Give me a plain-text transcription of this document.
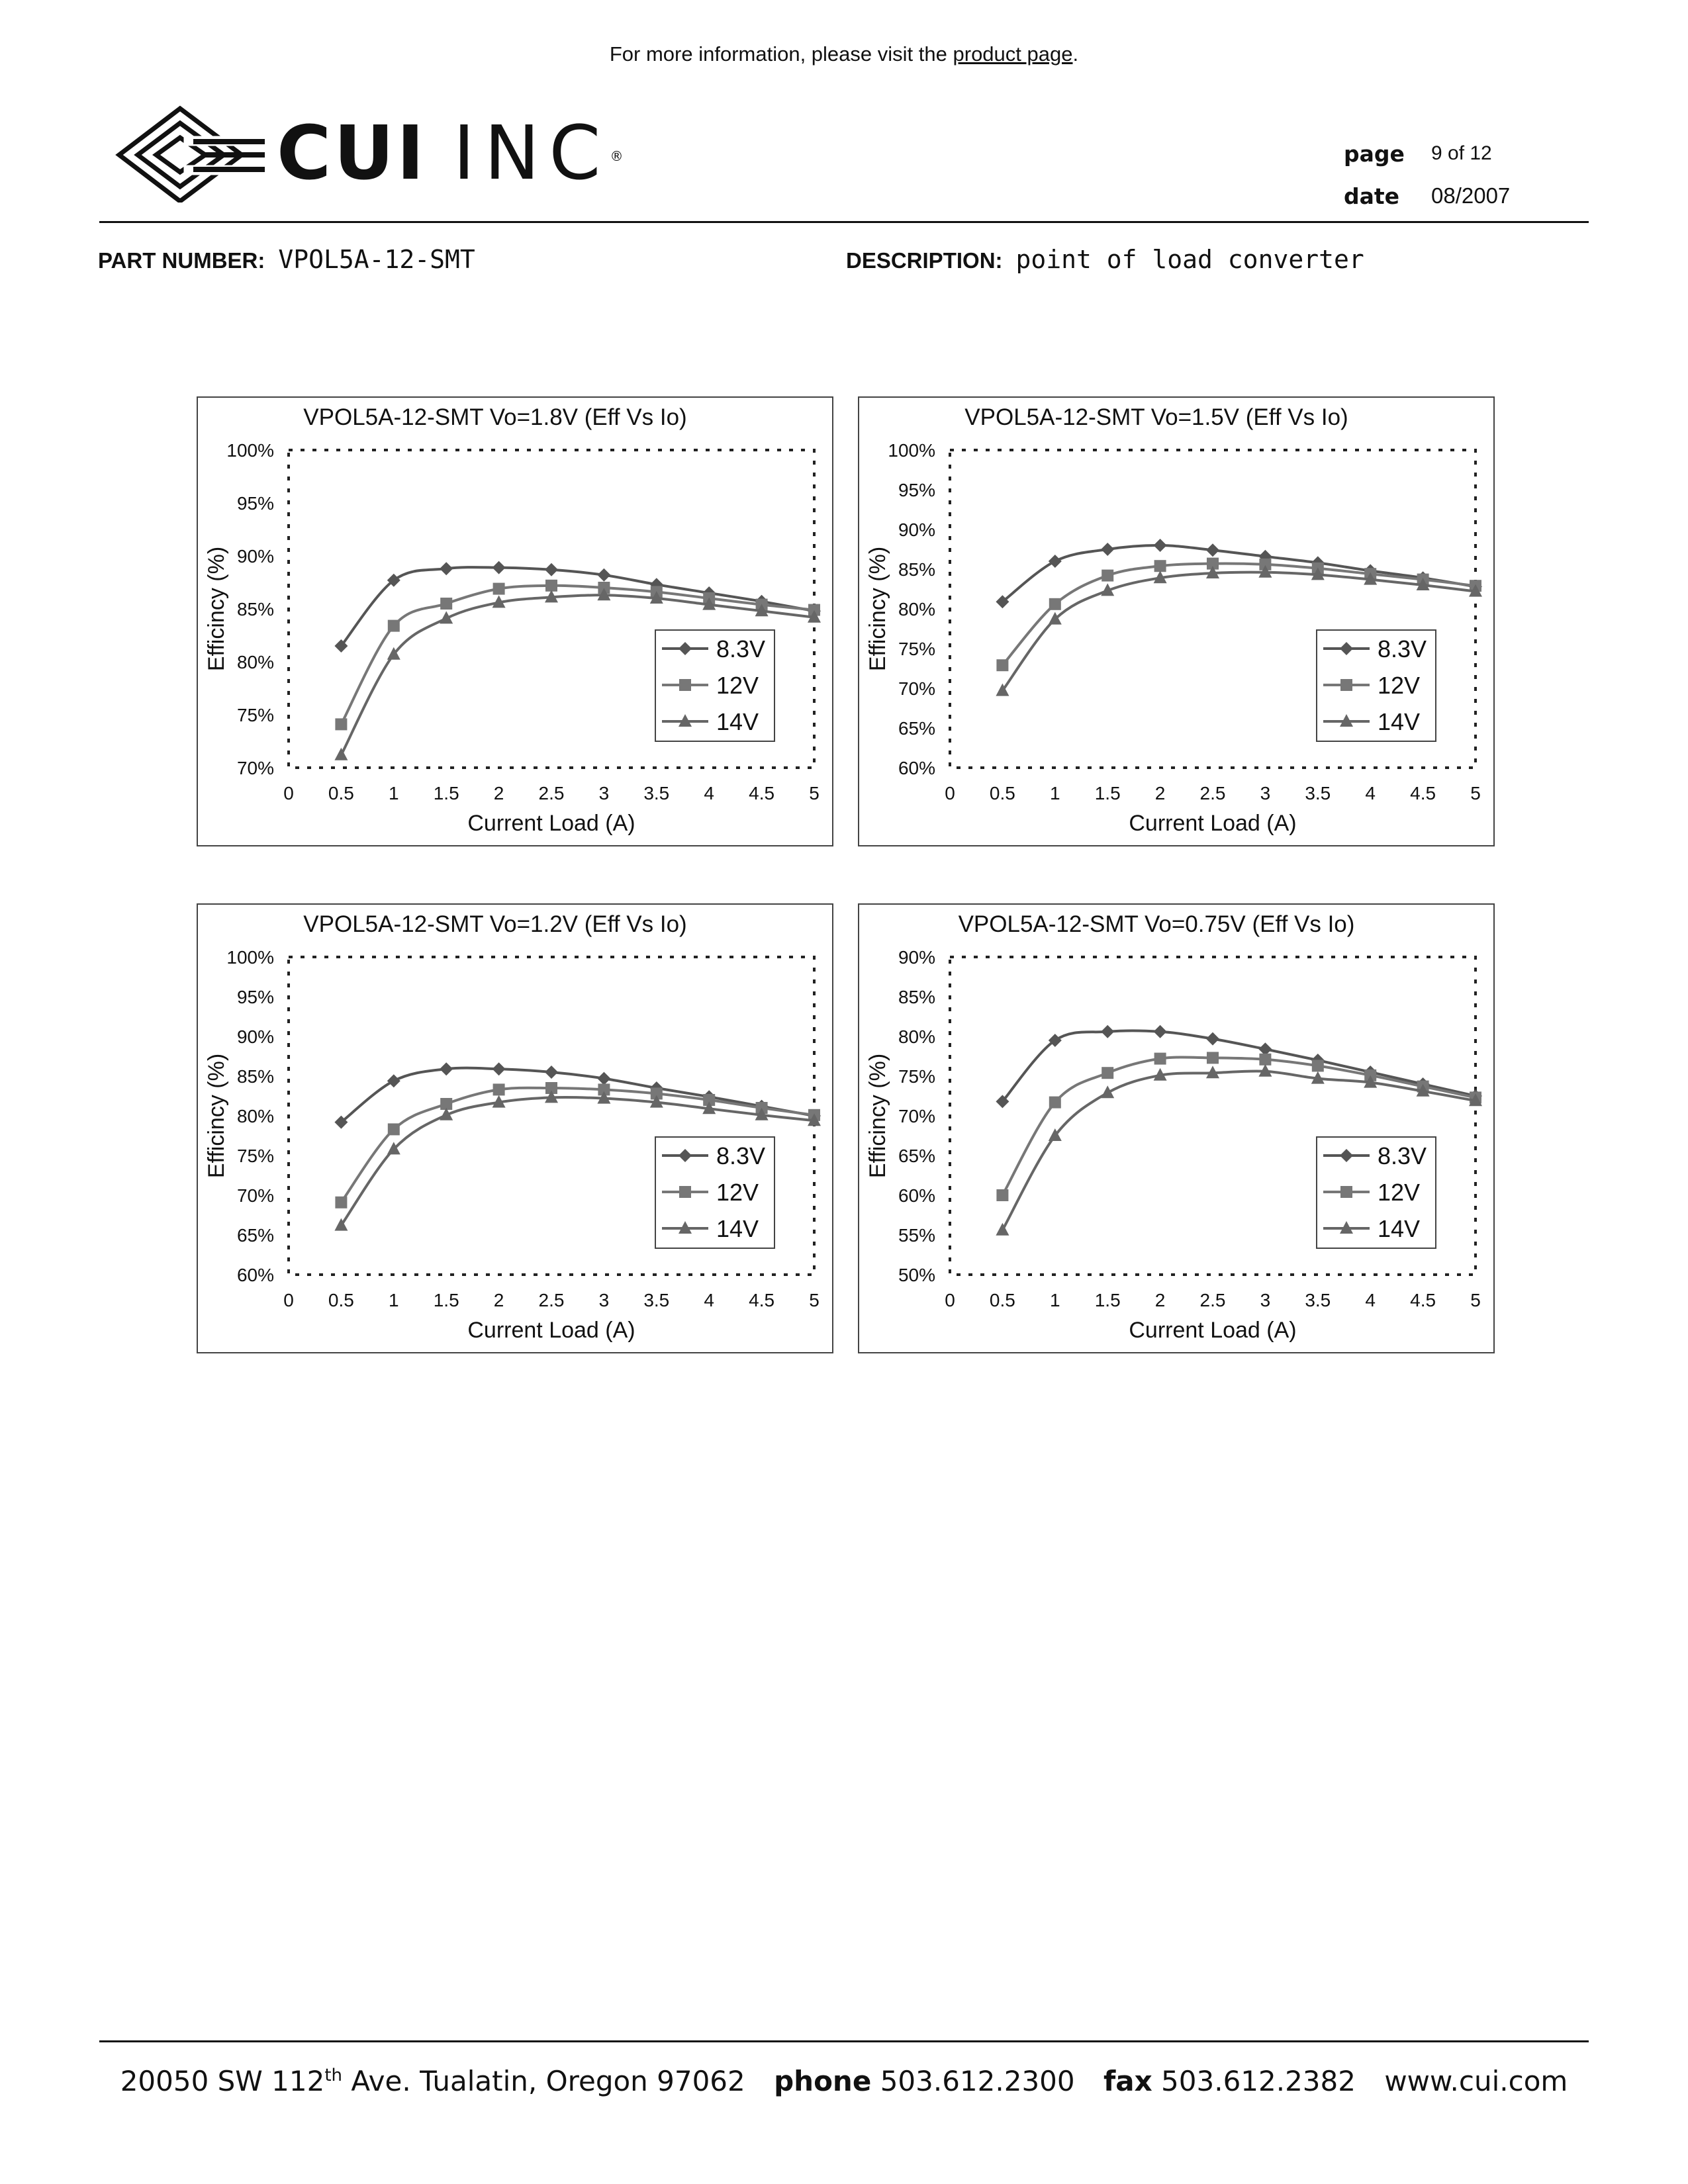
For more information, please visit the product page.
CUI INC®	page	9 of 12
date	08/2007
PART NUMBER: VPOL5A-12-SMT	DESCRIPTION: point of load converter
VPOL5A-12-SMT Vo=1.8V (Eff Vs Io)
70%
75%
80%
85%
90%
95%
100%
0 0.5 1 1.5 2 2.5 3 3.5 4 4.5 5
Current Load (A)
Efficincy (%)	8.3V
12V
14V
VPOL5A-12-SMT Vo=1.5V (Eff Vs Io)
60%
65%
70%
75%
80%
85%
90%
95%
100%
0 0.5 1 1.5 2 2.5 3 3.5 4 4.5 5
Current Load (A)
Efficincy (%)	8.3V
12V
14V
VPOL5A-12-SMT Vo=1.2V (Eff Vs Io)
60%
65%
70%
75%
80%
85%
90%
95%
100%
0 0.5 1 1.5 2 2.5 3 3.5 4 4.5 5
Current Load (A)
Efficincy (%)	8.3V
12V
14V
VPOL5A-12-SMT Vo=0.75V (Eff Vs Io)
50%
55%
60%
65%
70%
75%
80%
85%
90%
0 0.5 1 1.5 2 2.5 3 3.5 4 4.5 5
Current Load (A)
Efficincy (%)	8.3V
12V
14V
20050 SW 112th Ave. Tualatin, Oregon 97062 phone 503.612.2300 fax 503.612.2382 www.cui.com
